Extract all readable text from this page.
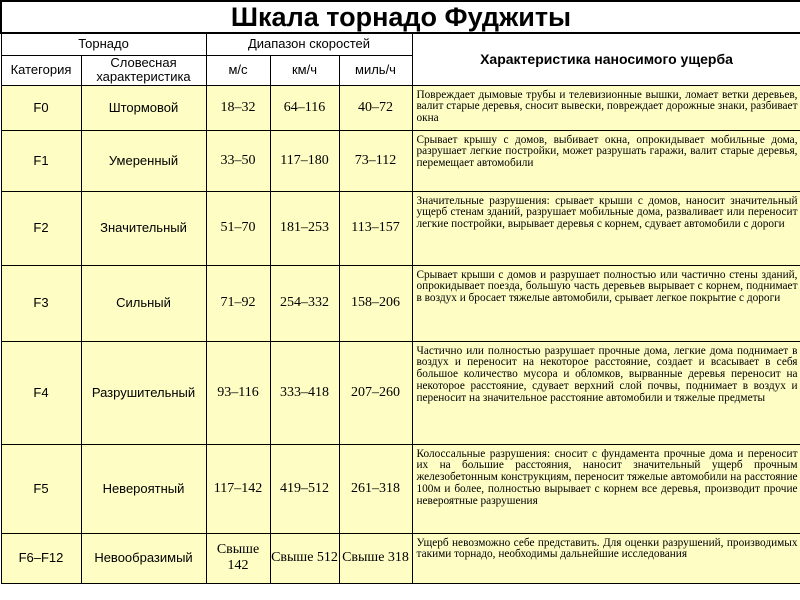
Шкала торнадо Фуджиты					
Торнадо		Диапазон скоростей			Характеристика наносимого ущерба
Категория	Словесная характеристика	м/с	км/ч	миль/ч	
F0	Штормовой	18–32	64–116	40–72	Повреждает дымовые трубы и телевизионные вышки, ломает ветки деревьев, валит старые деревья, сносит вывески, повреждает дорожные знаки, разбивает окна
F1	Умеренный	33–50	117–180	73–112	Срывает крышу с домов, выбивает окна, опрокидывает мобильные дома, разрушает легкие постройки, может разрушать гаражи, валит старые деревья, перемещает автомобили
F2	Значительный	51–70	181–253	113–157	Значительные разрушения: срывает крыши с домов, наносит значительный ущерб стенам зданий, разрушает мобильные дома, разваливает или переносит легкие постройки, вырывает деревья с корнем, сдувает автомобили с дороги
F3	Сильный	71–92	254–332	158–206	Срывает крыши с домов и разрушает полностью или частично стены зданий, опрокидывает поезда, большую часть деревьев вырывает с корнем, поднимает в воздух и бросает тяжелые автомобили, срывает легкое покрытие с дороги
F4	Разрушительный	93–116	333–418	207–260	Частично или полностью разрушает прочные дома, легкие дома поднимает в воздух и переносит на некоторое расстояние, создает и всасывает в себя большое количество мусора и обломков, вырванные деревья переносит на некоторое расстояние, сдувает верхний слой почвы, поднимает в воздух и переносит на значительное расстояние автомобили и тяжелые предметы
F5	Невероятный	117–142	419–512	261–318	Колоссальные разрушения: сносит с фундамента прочные дома и переносит их на большие расстояния, наносит значительный ущерб прочным железобетонным конструкциям, переносит тяжелые автомобили на расстояние 100м и более, полностью вырывает с корнем все деревья, производит прочие невероятные разрушения
F6–F12	Невообразимый	Свыше 142	Свыше 512	Свыше 318	Ущерб невозможно себе представить. Для оценки разрушений, производимых такими торнадо, необходимы дальнейшие исследования
